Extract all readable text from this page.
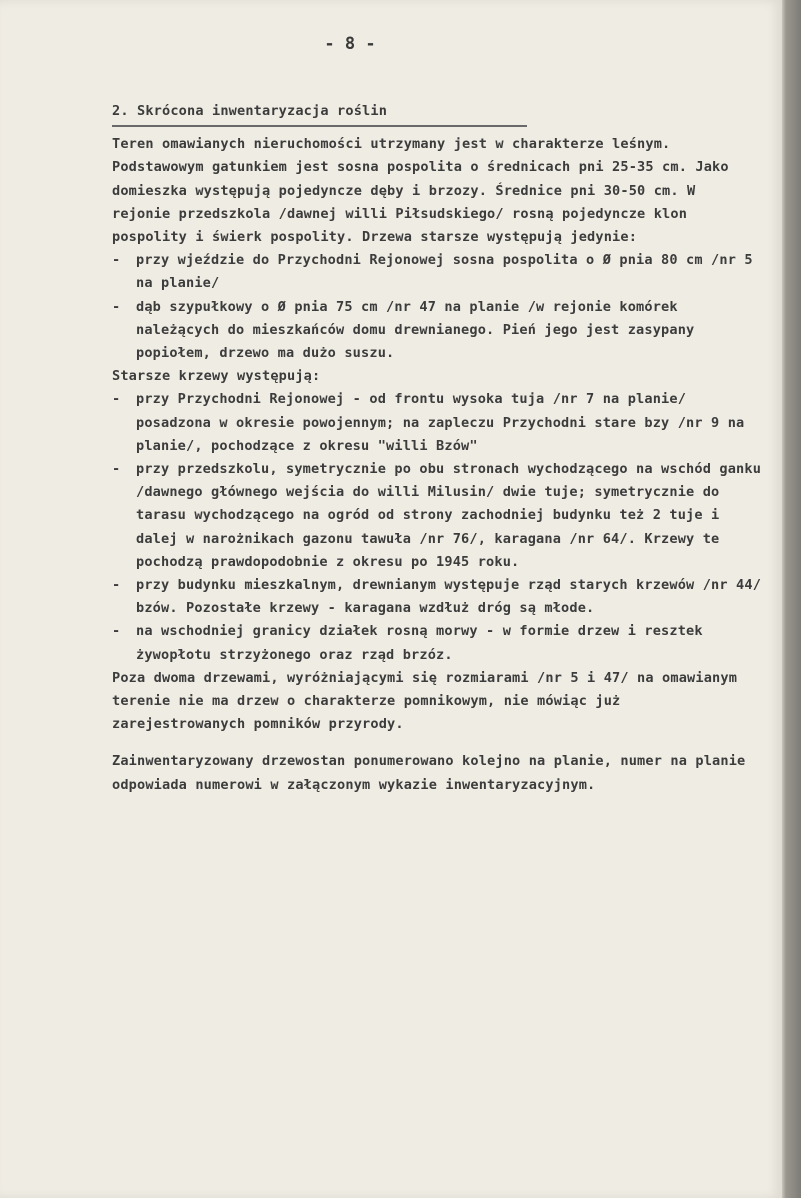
- 8 -
2. Skrócona inwentaryzacja roślin

Teren omawianych nieruchomości utrzymany jest w charakterze leśnym. Podstawowym gatunkiem jest sosna pospolita o średnicach pni 25-35 cm. Jako domieszka występują pojedyncze dęby i brzozy. Średnice pni 30-50 cm. W rejonie przedszkola /dawnej willi Piłsudskiego/ rosną pojedyncze klon pospolity i świerk pospolity. Drzewa starsze występują jedynie:

- przy wjeździe do Przychodni Rejonowej sosna pospolita o Ø pnia 80 cm /nr 5 na planie/
- dąb szypułkowy o Ø pnia 75 cm /nr 47 na planie /w rejonie komórek należących do mieszkańców domu drewnianego. Pień jego jest zasypany popiołem, drzewo ma dużo suszu.

Starsze krzewy występują:

- przy Przychodni Rejonowej - od frontu wysoka tuja /nr 7 na planie/ posadzona w okresie powojennym; na zapleczu Przychodni stare bzy /nr 9 na planie/, pochodzące z okresu "willi Bzów"
- przy przedszkolu, symetrycznie po obu stronach wychodzącego na wschód ganku /dawnego głównego wejścia do willi Milusin/ dwie tuje; symetrycznie do tarasu wychodzącego na ogród od strony zachodniej budynku też 2 tuje i dalej w narożnikach gazonu tawuła /nr 76/, karagana /nr 64/. Krzewy te pochodzą prawdopodobnie z okresu po 1945 roku.
- przy budynku mieszkalnym, drewnianym występuje rząd starych krzewów /nr 44/ bzów. Pozostałe krzewy - karagana wzdłuż dróg są młode.
- na wschodniej granicy działek rosną morwy - w formie drzew i resztek żywopłotu strzyżonego oraz rząd brzóz.

Poza dwoma drzewami, wyróżniającymi się rozmiarami /nr 5 i 47/ na omawianym terenie nie ma drzew o charakterze pomnikowym, nie mówiąc już zarejestrowanych pomników przyrody.

Zainwentaryzowany drzewostan ponumerowano kolejno na planie, numer na planie odpowiada numerowi w załączonym wykazie inwentaryzacyjnym.
